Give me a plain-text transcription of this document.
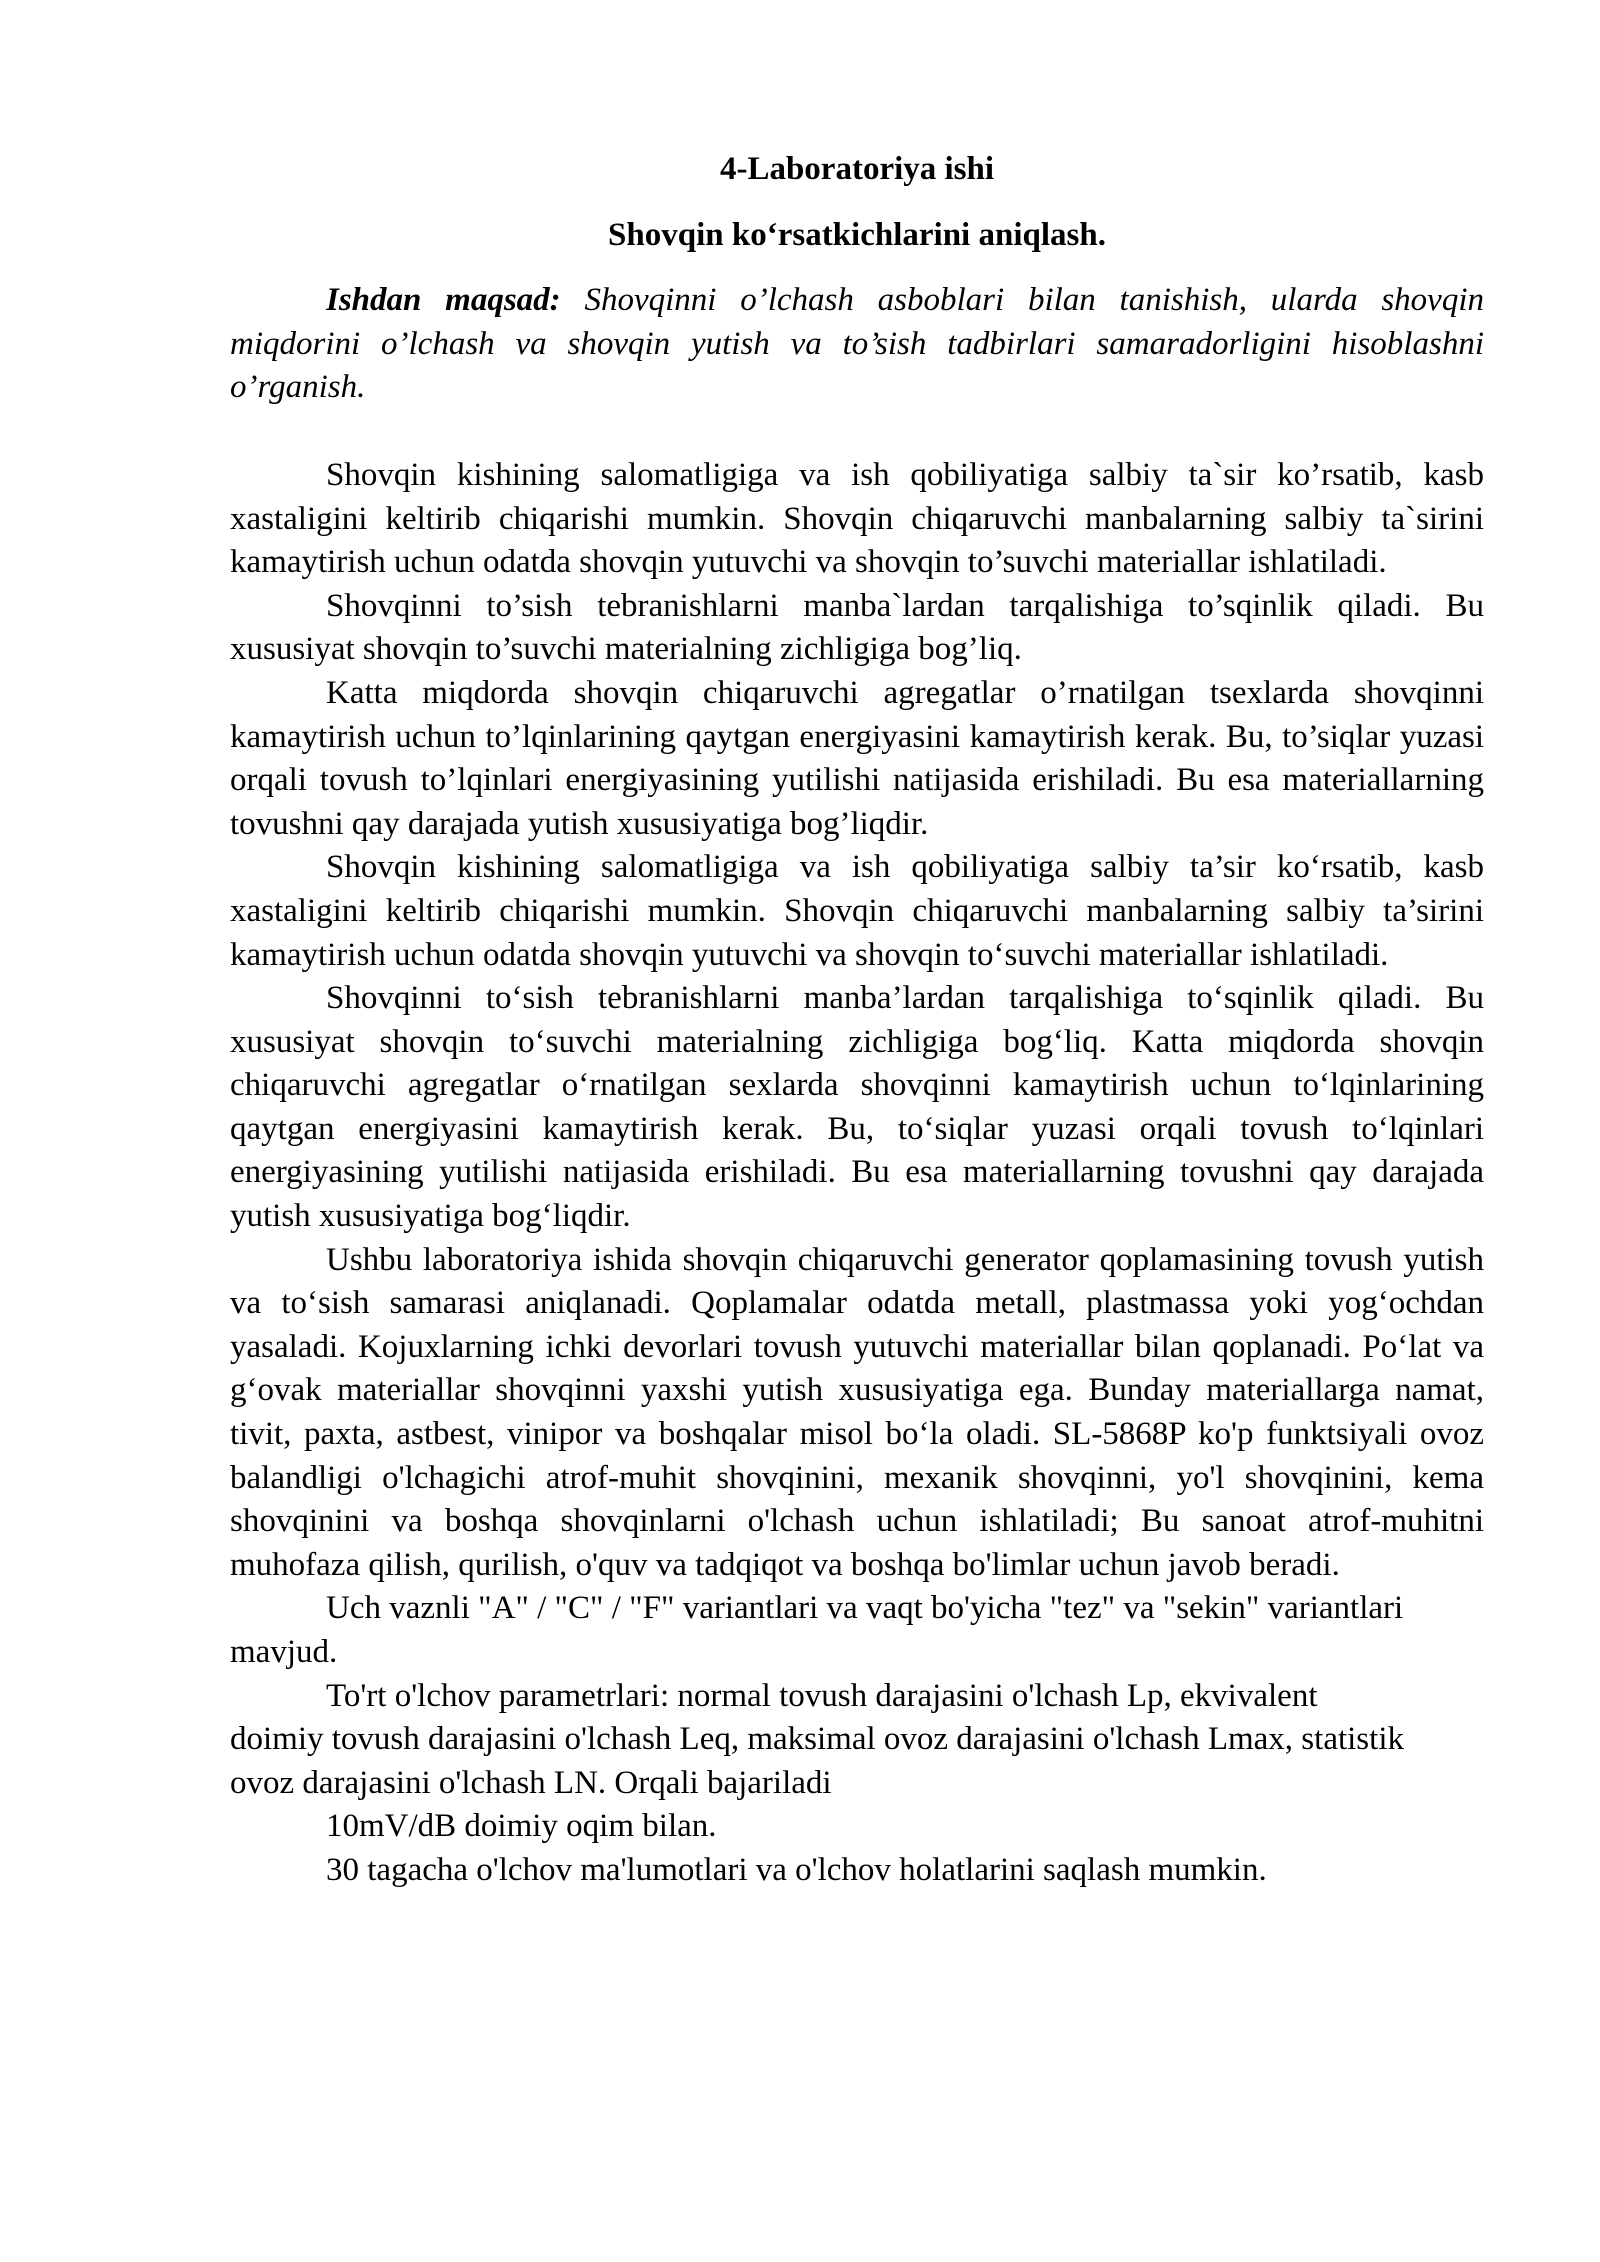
4-Laboratoriya ishi

Shovqin ko‘rsatkichlarini aniqlash.

Ishdan maqsad: Shovqinni o’lchash asboblari bilan tanishish, ularda shovqin miqdorini o’lchash va shovqin yutish va to’sish tadbirlari samaradorligini hisoblashni o’rganish.

Shovqin kishining salomatligiga va ish qobiliyatiga salbiy ta`sir ko’rsatib, kasb xastaligini keltirib chiqarishi mumkin. Shovqin chiqaruvchi manbalarning salbiy ta`sirini kamaytirish uchun odatda shovqin yutuvchi va shovqin to’suvchi materiallar ishlatiladi.

Shovqinni to’sish tebranishlarni manba`lardan tarqalishiga to’sqinlik qiladi. Bu xususiyat shovqin to’suvchi materialning zichligiga bog’liq.

Katta miqdorda shovqin chiqaruvchi agregatlar o’rnatilgan tsexlarda shovqinni kamaytirish uchun to’lqinlarining qaytgan energiyasini kamaytirish kerak. Bu, to’siqlar yuzasi orqali tovush to’lqinlari energiyasining yutilishi natijasida erishiladi. Bu esa materiallarning tovushni qay darajada yutish xususiyatiga bog’liqdir.

Shovqin kishining salomatligiga va ish qobiliyatiga salbiy ta’sir ko‘rsatib, kasb xastaligini keltirib chiqarishi mumkin. Shovqin chiqaruvchi manbalarning salbiy ta’sirini kamaytirish uchun odatda shovqin yutuvchi va shovqin to‘suvchi materiallar ishlatiladi.

Shovqinni to‘sish tebranishlarni manba’lardan tarqalishiga to‘sqinlik qiladi. Bu xususiyat shovqin to‘suvchi materialning zichligiga bog‘liq. Katta miqdorda shovqin chiqaruvchi agregatlar o‘rnatilgan sexlarda shovqinni kamaytirish uchun to‘lqinlarining qaytgan energiyasini kamaytirish kerak. Bu, to‘siqlar yuzasi orqali tovush to‘lqinlari energiyasining yutilishi natijasida erishiladi. Bu esa materiallarning tovushni qay darajada yutish xususiyatiga bog‘liqdir.

Ushbu laboratoriya ishida shovqin chiqaruvchi generator qoplamasining tovush yutish va to‘sish samarasi aniqlanadi. Qoplamalar odatda metall, plastmassa yoki yog‘ochdan yasaladi. Kojuxlarning ichki devorlari tovush yutuvchi materiallar bilan qoplanadi. Po‘lat va g‘ovak materiallar shovqinni yaxshi yutish xususiyatiga ega. Bunday materiallarga namat, tivit, paxta, astbest, vinipor va boshqalar misol bo‘la oladi. SL-5868P ko'p funktsiyali ovoz balandligi o'lchagichi atrof-muhit shovqinini, mexanik shovqinni, yo'l shovqinini, kema shovqinini va boshqa shovqinlarni o'lchash uchun ishlatiladi; Bu sanoat atrof-muhitni muhofaza qilish, qurilish, o'quv va tadqiqot va boshqa bo'limlar uchun javob beradi.

Uch vaznli "A" / "C" / "F" variantlari va vaqt bo'yicha "tez" va "sekin" variantlari mavjud.

To'rt o'lchov parametrlari: normal tovush darajasini o'lchash Lp, ekvivalent doimiy tovush darajasini o'lchash Leq, maksimal ovoz darajasini o'lchash Lmax, statistik ovoz darajasini o'lchash LN. Orqali bajariladi

10mV/dB doimiy oqim bilan.

30 tagacha o'lchov ma'lumotlari va o'lchov holatlarini saqlash mumkin.
